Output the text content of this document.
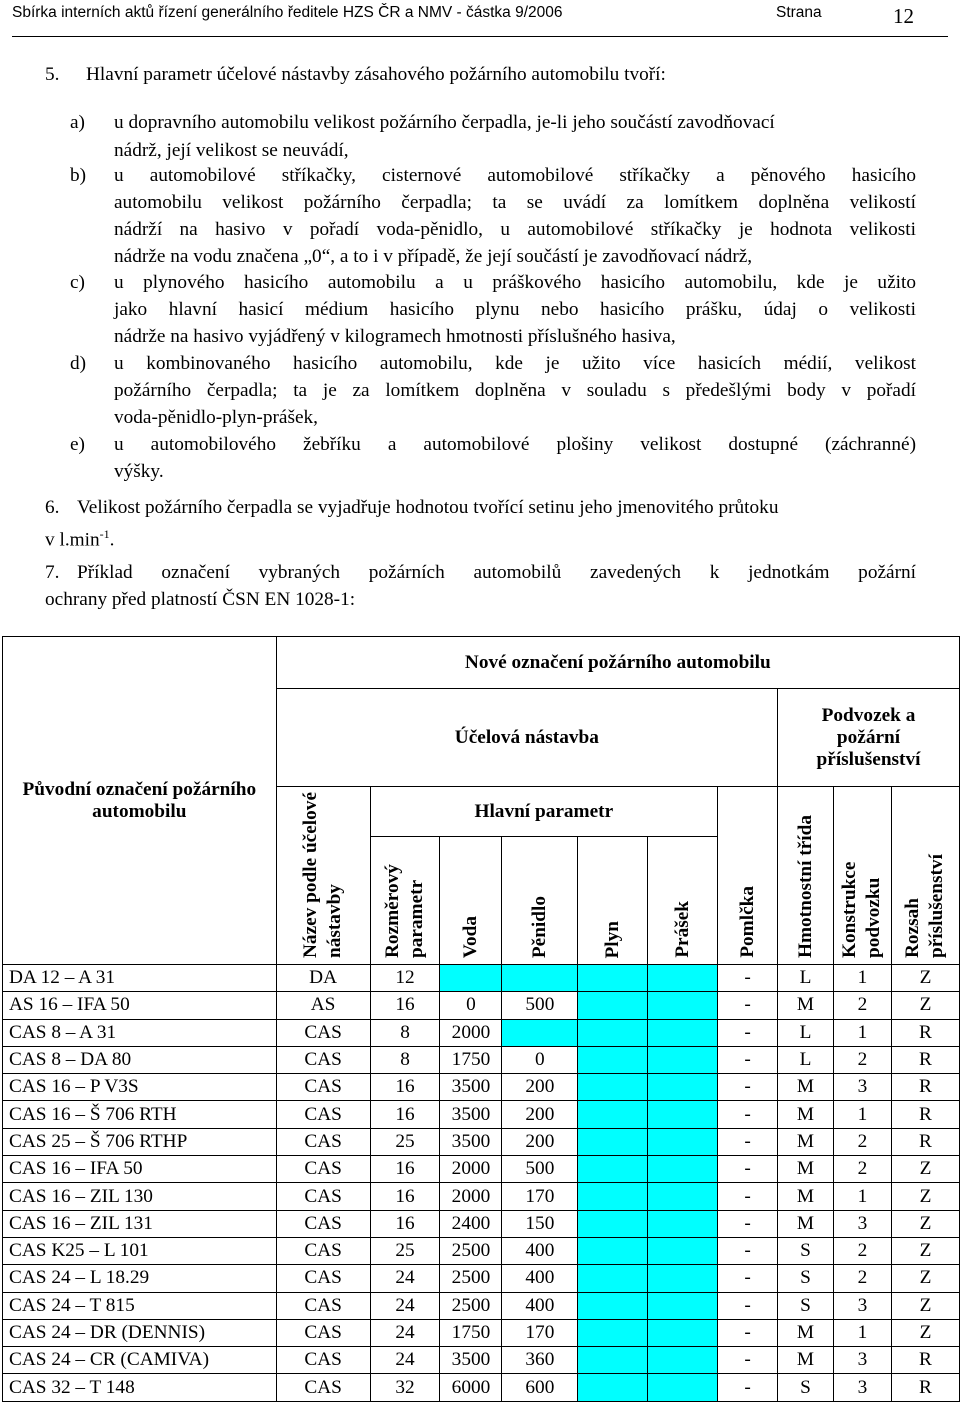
Sbírka interních aktů řízení generálního ředitele HZS ČR a NMV - částka 9/2006	Strana	12
5. Hlavní parametr účelové nástavby zásahového požárního automobilu tvoří:
a) u dopravního automobilu velikost požárního čerpadla, je-li jeho součástí zavodňovací
nádrž, její velikost se neuvádí,
b) u automobilové stříkačky, cisternové automobilové stříkačky a pěnového hasicího
automobilu velikost požárního čerpadla; ta se uvádí za lomítkem doplněna velikostí
nádrží na hasivo v pořadí voda-pěnidlo, u automobilové stříkačky je hodnota velikosti
nádrže na vodu značena „0“, a to i v případě, že její součástí je zavodňovací nádrž,
c) u plynového hasicího automobilu a u práškového hasicího automobilu, kde je užito
jako hlavní hasicí médium hasicího plynu nebo hasicího prášku, údaj o velikosti
nádrže na hasivo vyjádřený v kilogramech hmotnosti příslušného hasiva,
d) u kombinovaného hasicího automobilu, kde je užito více hasicích médií, velikost
požárního čerpadla; ta je za lomítkem doplněna v souladu s předešlými body v pořadí
voda-pěnidlo-plyn-prášek,
e) u automobilového žebříku a automobilové plošiny velikost dostupné (záchranné)
výšky.
6. Velikost požárního čerpadla se vyjadřuje hodnotou tvořící setinu jeho jmenovitého průtoku
v $l.\min^{-1}$.
7. Příklad označení vybraných požárních automobilů zavedených k jednotkám požární
ochrany před platností ČSN EN 1028-1:
Původní označení požárního automobilu	Nové označení požárního automobilu									
	Účelová nástavba							Podvozek a požární příslušenství		

	Název podle účelové nástavby	Hlavní parametr					Pomlčka	Hmotnostní třída	Konstrukce podvozku	Rozsah příslušenství

		Rozměrový parametr	Voda	Pěnidlo	Plyn	Prášek				

DA 12 – A 31	DA	12					-	L	1	Z
AS 16 – IFA 50	AS	16	0	500			-	M	2	Z
CAS 8 – A 31	CAS	8	2000				-	L	1	R
CAS 8 – DA 80	CAS	8	1750	0			-	L	2	R
CAS 16 – P V3S	CAS	16	3500	200			-	M	3	R
CAS 16 – Š 706 RTH	CAS	16	3500	200			-	M	1	R
CAS 25 – Š 706 RTHP	CAS	25	3500	200			-	M	2	R
CAS 16 – IFA 50	CAS	16	2000	500			-	M	2	Z
CAS 16 – ZIL 130	CAS	16	2000	170			-	M	1	Z
CAS 16 – ZIL 131	CAS	16	2400	150			-	M	3	Z
CAS K25 – L 101	CAS	25	2500	400			-	S	2	Z
CAS 24 – L 18.29	CAS	24	2500	400			-	S	2	Z
CAS 24 – T 815	CAS	24	2500	400			-	S	3	Z
CAS 24 – DR (DENNIS)	CAS	24	1750	170			-	M	1	Z
CAS 24 – CR (CAMIVA)	CAS	24	3500	360			-	M	3	R
CAS 32 – T 148	CAS	32	6000	600			-	S	3	R
